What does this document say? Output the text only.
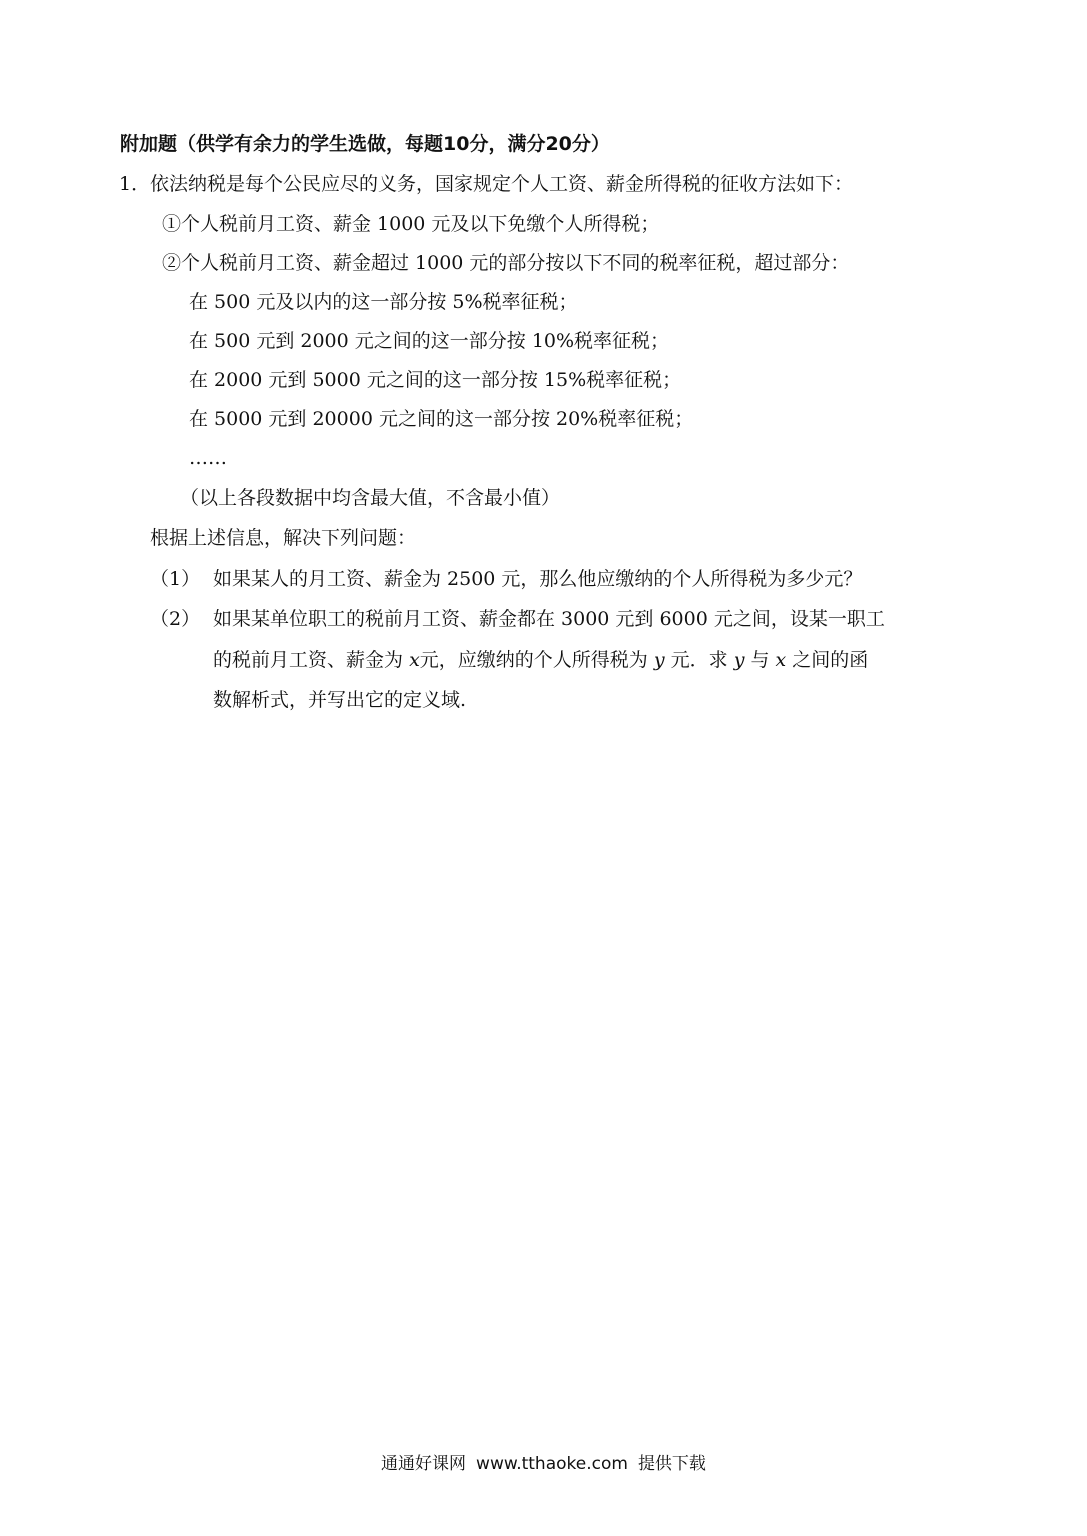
附加题（供学有余力的学生选做，每题10分，满分20分）
1． 依法纳税是每个公民应尽的义务，国家规定个人工资、薪金所得税的征收方法如下：
①个人税前月工资、薪金 1000 元及以下免缴个人所得税；
②个人税前月工资、薪金超过 1000 元的部分按以下不同的税率征税，超过部分：
在 500 元及以内的这一部分按 5%税率征税；
在 500 元到 2000 元之间的这一部分按 10%税率征税；
在 2000 元到 5000 元之间的这一部分按 15%税率征税；
在 5000 元到 20000 元之间的这一部分按 20%税率征税；
……
（以上各段数据中均含最大值，不含最小值）
根据上述信息，解决下列问题：
（1） 如果某人的月工资、薪金为 2500 元，那么他应缴纳的个人所得税为多少元？
（2） 如果某单位职工的税前月工资、薪金都在 3000 元到 6000 元之间，设某一职工
的税前月工资、薪金为 x元，应缴纳的个人所得税为 y 元．求 y 与 x 之间的函
数解析式，并写出它的定义域.
通通好课网 www.tthaoke.com 提供下载
